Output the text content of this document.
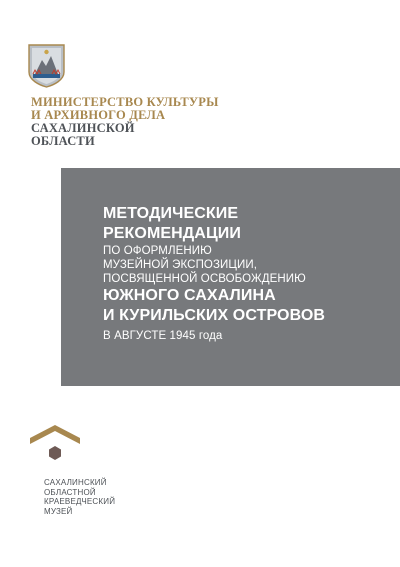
МИНИСТЕРСТВО КУЛЬТУРЫ
И АРХИВНОГО ДЕЛА
САХАЛИНСКОЙ
ОБЛАСТИ

МЕТОДИЧЕСКИЕ
РЕКОМЕНДАЦИИ
ПО ОФОРМЛЕНИЮ
МУЗЕЙНОЙ ЭКСПОЗИЦИИ,
ПОСВЯЩЕННОЙ ОСВОБОЖДЕНИЮ
ЮЖНОГО САХАЛИНА
И КУРИЛЬСКИХ ОСТРОВОВ
В АВГУСТЕ 1945 года

САХАЛИНСКИЙ
ОБЛАСТНОЙ
КРАЕВЕДЧЕСКИЙ
МУЗЕЙ
